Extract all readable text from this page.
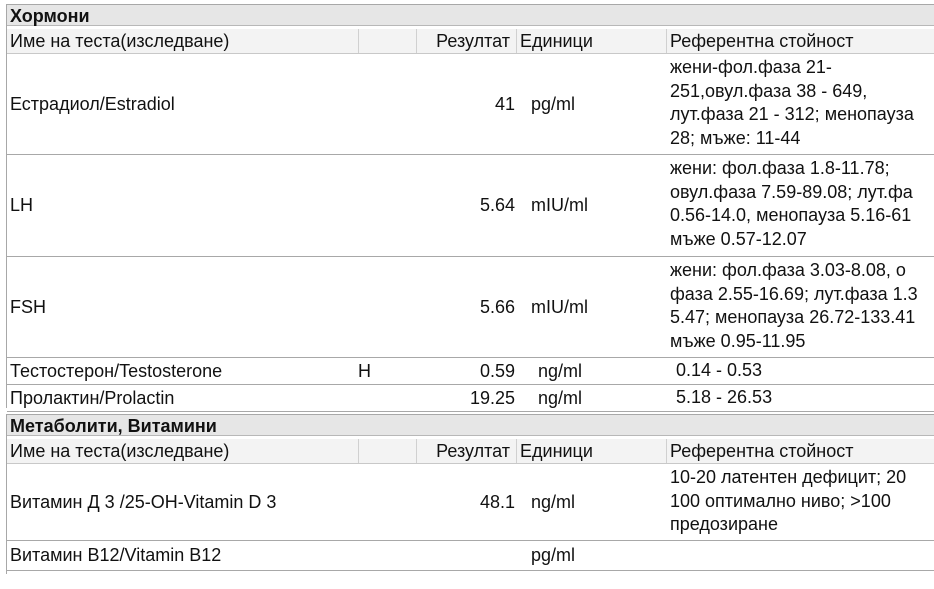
Хормони
Име на теста(изследване)	Резултат Единици	Референтна стойност
Естрадиол/Estradiol	41 pg/ml
жени-фол.фаза 21-
251,овул.фаза 38 - 649,
лут.фаза 21 - 312; менопауза
28; мъже: 11-44
LH	5.64 mIU/ml
жени: фол.фаза 1.8-11.78;
овул.фаза 7.59-89.08; лут.фа
0.56-14.0, менопауза 5.16-61
мъже 0.57-12.07
FSH	5.66 mIU/ml
жени: фол.фаза 3.03-8.08, о
фаза 2.55-16.69; лут.фаза 1.3
5.47; менопауза 26.72-133.41
мъже 0.95-11.95
Тестостерон/Testosterone	H	0.59 ng/ml	0.14 - 0.53
Пролактин/Prolactin	19.25 ng/ml	5.18 - 26.53
Метаболити, Витамини
Име на теста(изследване)	Резултат Единици	Референтна стойност
Витамин Д 3 /25-OH-Vitamin D 3	48.1 ng/ml
10-20 латентен дефицит; 20
100 оптимално ниво; >100
предозиране
Витамин B12/Vitamin B12	pg/ml
